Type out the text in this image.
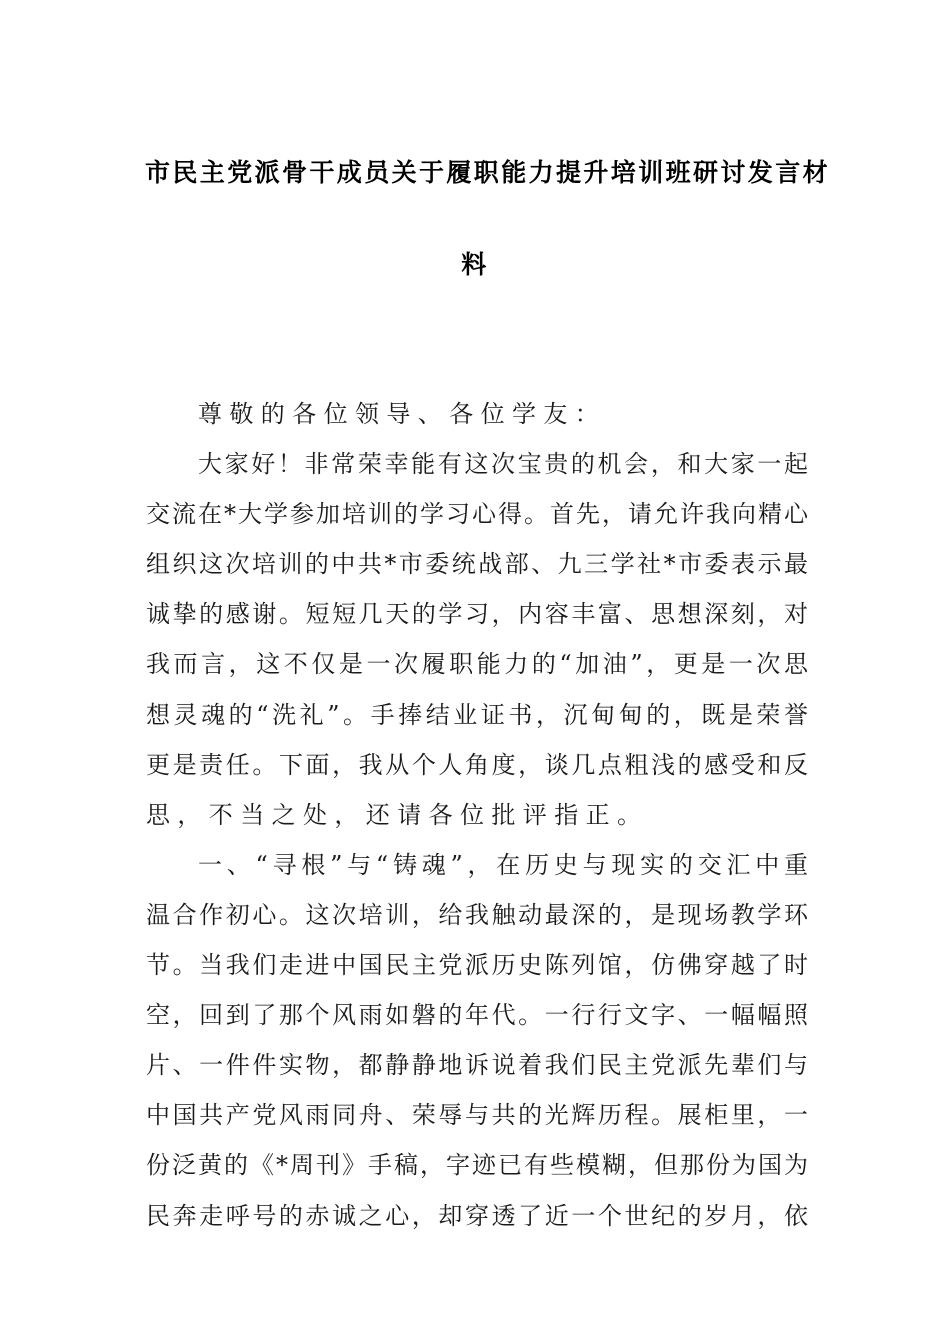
市民主党派骨干成员关于履职能力提升培训班研讨发言材
料
尊敬的各位领导、各位学友：
大家好！非常荣幸能有这次宝贵的机会，和大家一起
交流在*大学参加培训的学习心得。首先，请允许我向精心
组织这次培训的中共*市委统战部、九三学社*市委表示最
诚挚的感谢。短短几天的学习，内容丰富、思想深刻，对
我而言，这不仅是一次履职能力的“加油”，更是一次思
想灵魂的“洗礼”。手捧结业证书，沉甸甸的，既是荣誉
更是责任。下面，我从个人角度，谈几点粗浅的感受和反
思，不当之处，还请各位批评指正。
一、“寻根”与“铸魂”，在历史与现实的交汇中重
温合作初心。这次培训，给我触动最深的，是现场教学环
节。当我们走进中国民主党派历史陈列馆，仿佛穿越了时
空，回到了那个风雨如磐的年代。一行行文字、一幅幅照
片、一件件实物，都静静地诉说着我们民主党派先辈们与
中国共产党风雨同舟、荣辱与共的光辉历程。展柜里，一
份泛黄的《*周刊》手稿，字迹已有些模糊，但那份为国为
民奔走呼号的赤诚之心，却穿透了近一个世纪的岁月，依
